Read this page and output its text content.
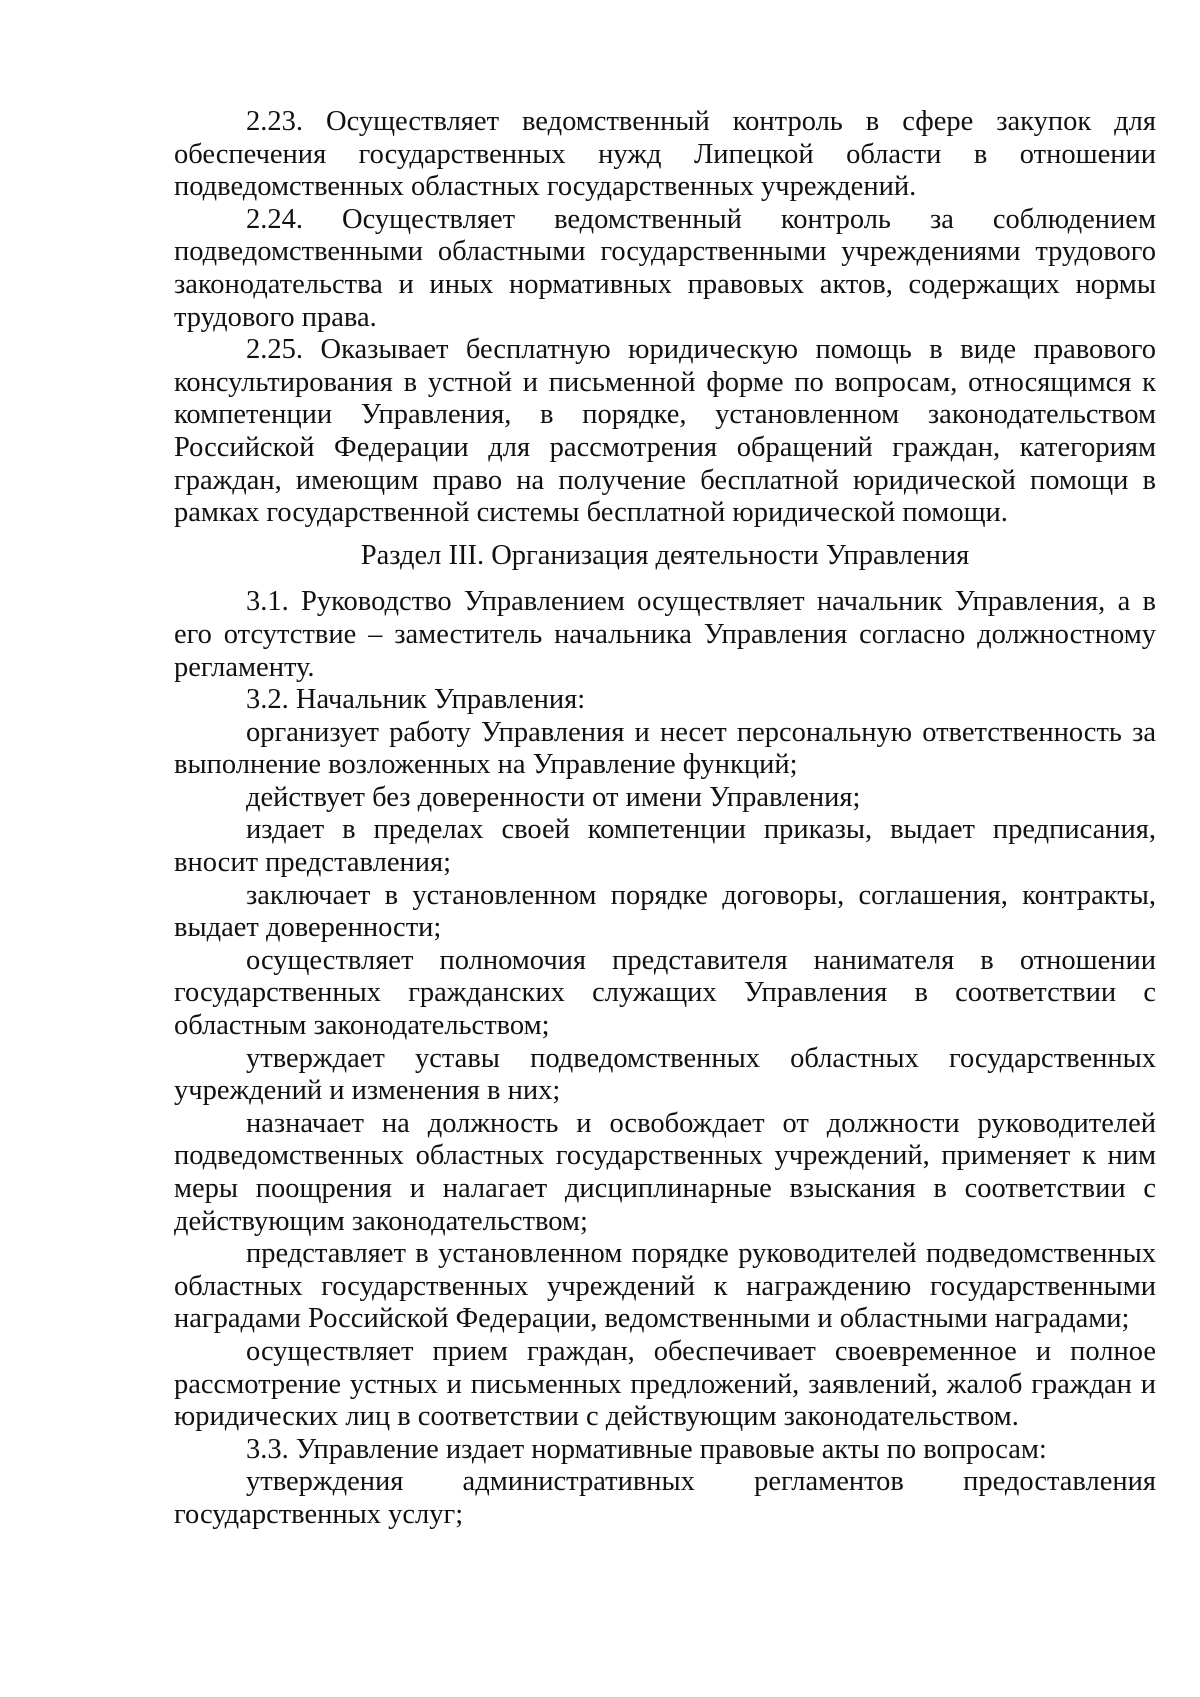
2.23. Осуществляет ведомственный контроль в сфере закупок для обеспечения государственных нужд Липецкой области в отношении подведомственных областных государственных учреждений.

2.24. Осуществляет ведомственный контроль за соблюдением подведомственными областными государственными учреждениями трудового законодательства и иных нормативных правовых актов, содержащих нормы трудового права.

2.25. Оказывает бесплатную юридическую помощь в виде правового консультирования в устной и письменной форме по вопросам, относящимся к компетенции Управления, в порядке, установленном законодательством Российской Федерации для рассмотрения обращений граждан, категориям граждан, имеющим право на получение бесплатной юридической помощи в рамках государственной системы бесплатной юридической помощи.

Раздел III. Организация деятельности Управления

3.1. Руководство Управлением осуществляет начальник Управления, а в его отсутствие – заместитель начальника Управления согласно должностному регламенту.

3.2. Начальник Управления:

организует работу Управления и несет персональную ответственность за выполнение возложенных на Управление функций;

действует без доверенности от имени Управления;

издает в пределах своей компетенции приказы, выдает предписания, вносит представления;

заключает в установленном порядке договоры, соглашения, контракты, выдает доверенности;

осуществляет полномочия представителя нанимателя в отношении государственных гражданских служащих Управления в соответствии с областным законодательством;

утверждает уставы подведомственных областных государственных учреждений и изменения в них;

назначает на должность и освобождает от должности руководителей подведомственных областных государственных учреждений, применяет к ним меры поощрения и налагает дисциплинарные взыскания в соответствии с действующим законодательством;

представляет в установленном порядке руководителей подведомственных областных государственных учреждений к награждению государственными наградами Российской Федерации, ведомственными и областными наградами;

осуществляет прием граждан, обеспечивает своевременное и полное рассмотрение устных и письменных предложений, заявлений, жалоб граждан и юридических лиц в соответствии с действующим законодательством.

3.3. Управление издает нормативные правовые акты по вопросам:

утверждения административных регламентов предоставления государственных услуг;
